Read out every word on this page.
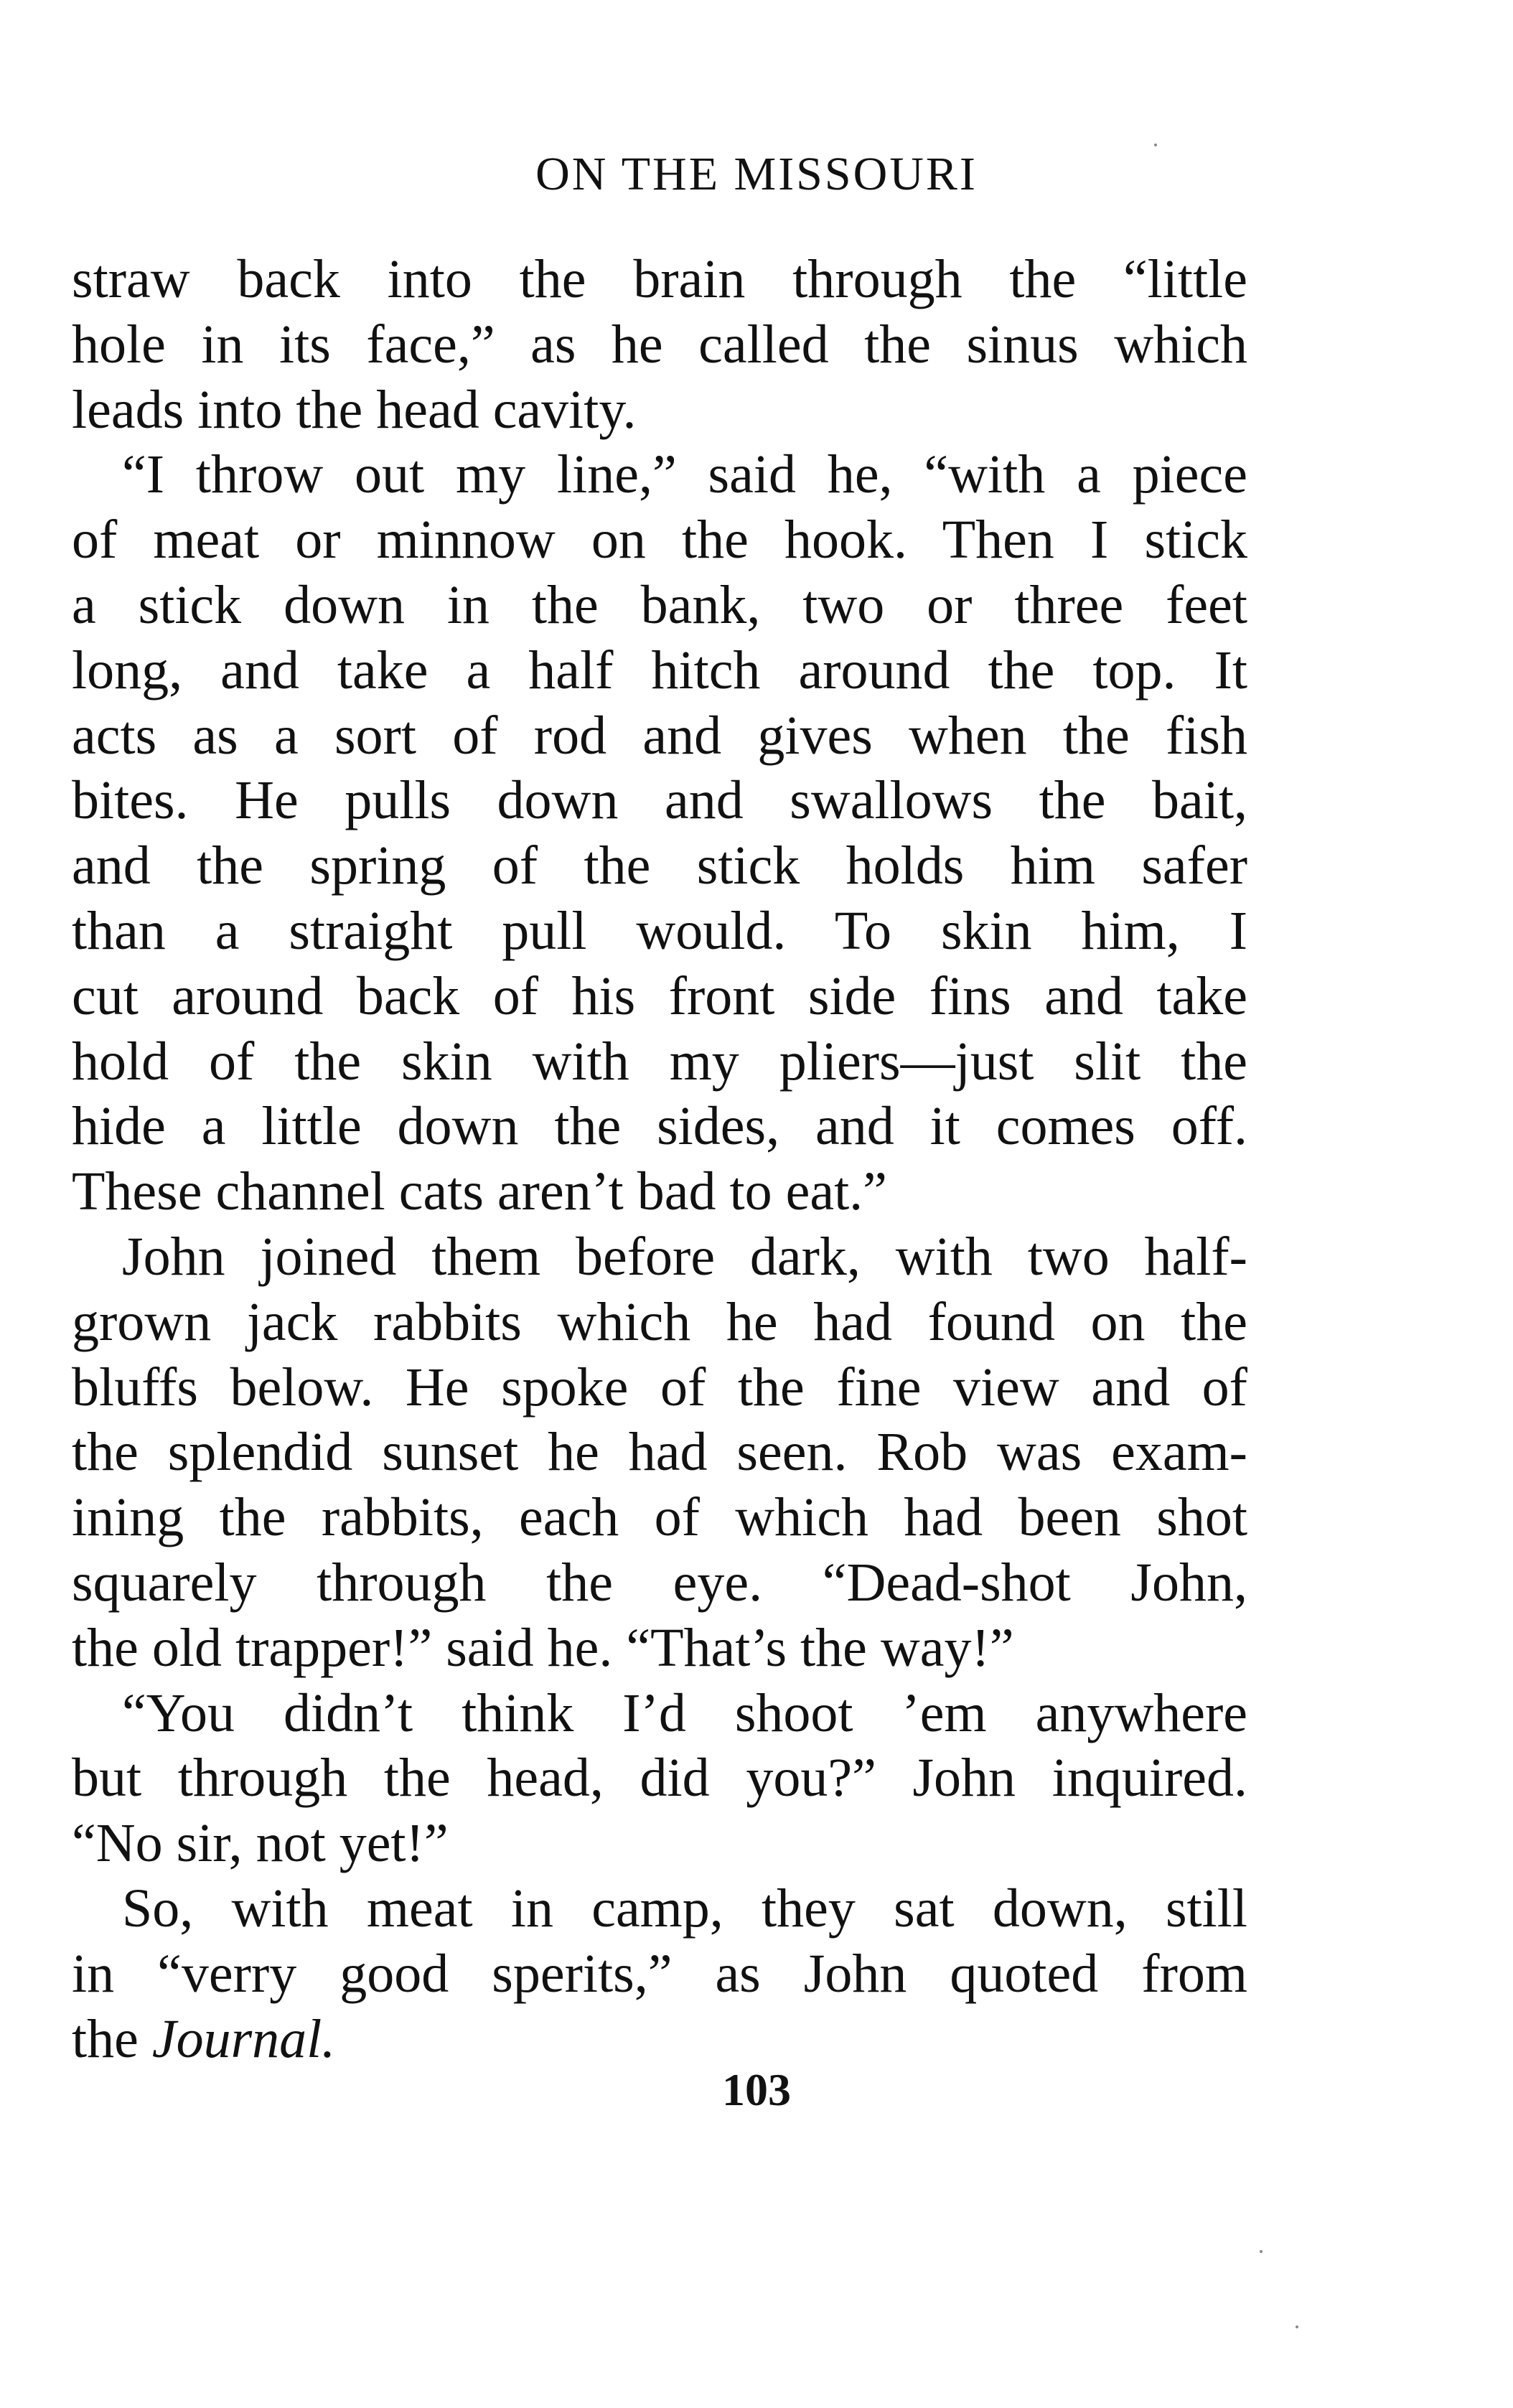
ON THE MISSOURI
straw back into the brain through the “little
hole in its face,” as he called the sinus which
leads into the head cavity.
“I throw out my line,” said he, “with a piece
of meat or minnow on the hook. Then I stick
a stick down in the bank, two or three feet
long, and take a half hitch around the top. It
acts as a sort of rod and gives when the fish
bites. He pulls down and swallows the bait,
and the spring of the stick holds him safer
than a straight pull would. To skin him, I
cut around back of his front side fins and take
hold of the skin with my pliers—just slit the
hide a little down the sides, and it comes off.
These channel cats aren’t bad to eat.”
John joined them before dark, with two half-
grown jack rabbits which he had found on the
bluffs below. He spoke of the fine view and of
the splendid sunset he had seen. Rob was exam-
ining the rabbits, each of which had been shot
squarely through the eye. “Dead-shot John,
the old trapper!” said he. “That’s the way!”
“You didn’t think I’d shoot ’em anywhere
but through the head, did you?” John inquired.
“No sir, not yet!”
So, with meat in camp, they sat down, still
in “verry good sperits,” as John quoted from
the Journal.
103
